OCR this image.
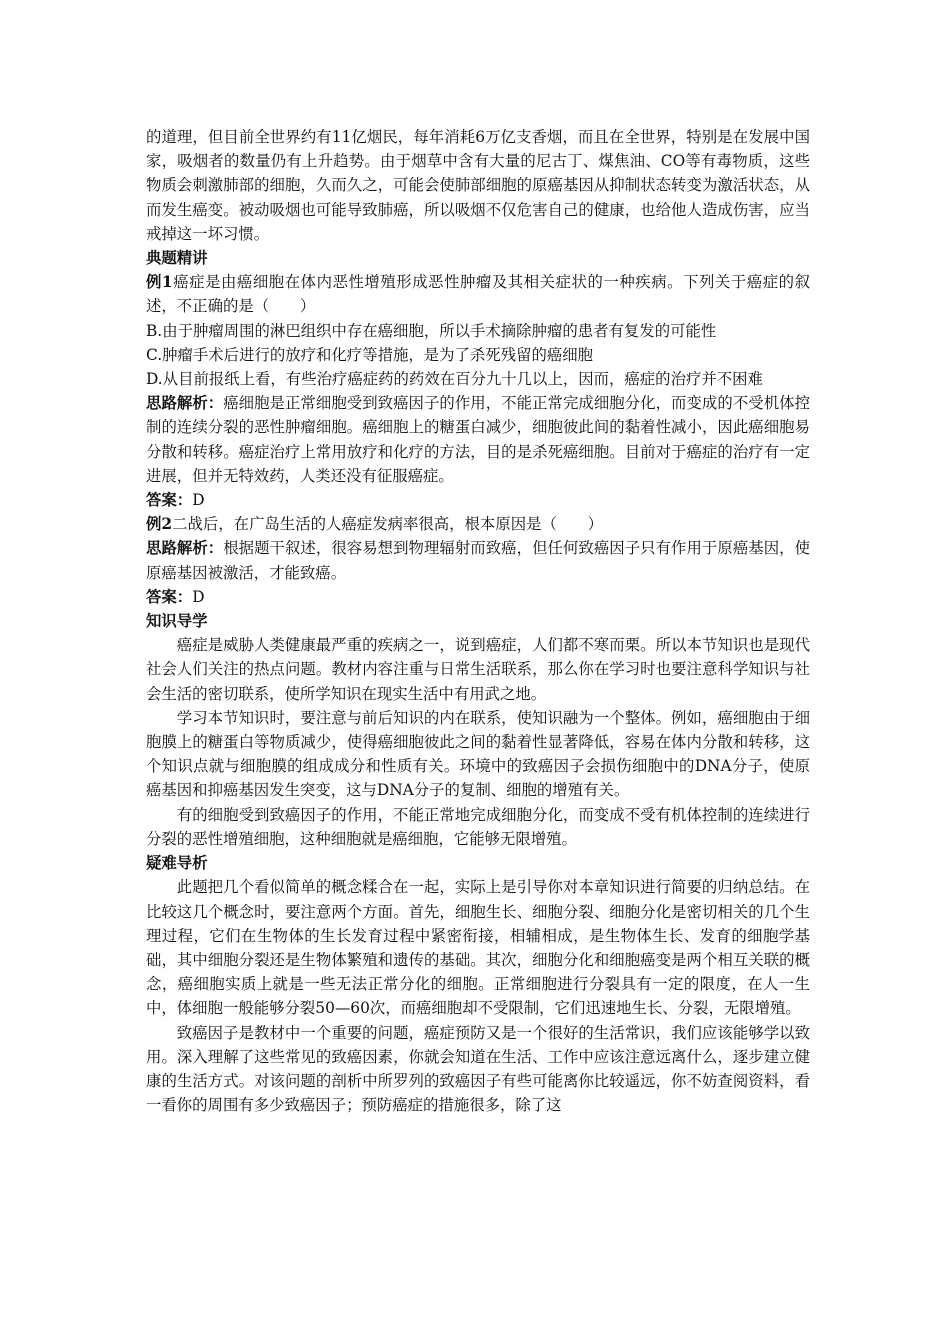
的道理，但目前全世界约有11亿烟民，每年消耗6万亿支香烟，而且在全世界，特别是在发展中国家，吸烟者的数量仍有上升趋势。由于烟草中含有大量的尼古丁、煤焦油、CO等有毒物质，这些物质会刺激肺部的细胞，久而久之，可能会使肺部细胞的原癌基因从抑制状态转变为激活状态，从而发生癌变。被动吸烟也可能导致肺癌，所以吸烟不仅危害自己的健康，也给他人造成伤害，应当戒掉这一坏习惯。

典题精讲

例1癌症是由癌细胞在体内恶性增殖形成恶性肿瘤及其相关症状的一种疾病。下列关于癌症的叙述，不正确的是（　　）

B.由于肿瘤周围的淋巴组织中存在癌细胞，所以手术摘除肿瘤的患者有复发的可能性

C.肿瘤手术后进行的放疗和化疗等措施，是为了杀死残留的癌细胞

D.从目前报纸上看，有些治疗癌症药的药效在百分九十几以上，因而，癌症的治疗并不困难

思路解析：癌细胞是正常细胞受到致癌因子的作用，不能正常完成细胞分化，而变成的不受机体控制的连续分裂的恶性肿瘤细胞。癌细胞上的糖蛋白减少，细胞彼此间的黏着性减小，因此癌细胞易分散和转移。癌症治疗上常用放疗和化疗的方法，目的是杀死癌细胞。目前对于癌症的治疗有一定进展，但并无特效药，人类还没有征服癌症。

答案：D

例2二战后，在广岛生活的人癌症发病率很高，根本原因是（　　）

思路解析：根据题干叙述，很容易想到物理辐射而致癌，但任何致癌因子只有作用于原癌基因，使原癌基因被激活，才能致癌。

答案：D

知识导学

癌症是威胁人类健康最严重的疾病之一，说到癌症，人们都不寒而栗。所以本节知识也是现代社会人们关注的热点问题。教材内容注重与日常生活联系，那么你在学习时也要注意科学知识与社会生活的密切联系，使所学知识在现实生活中有用武之地。

学习本节知识时，要注意与前后知识的内在联系，使知识融为一个整体。例如，癌细胞由于细胞膜上的糖蛋白等物质减少，使得癌细胞彼此之间的黏着性显著降低，容易在体内分散和转移，这个知识点就与细胞膜的组成成分和性质有关。环境中的致癌因子会损伤细胞中的DNA分子，使原癌基因和抑癌基因发生突变，这与DNA分子的复制、细胞的增殖有关。

有的细胞受到致癌因子的作用，不能正常地完成细胞分化，而变成不受有机体控制的连续进行分裂的恶性增殖细胞，这种细胞就是癌细胞，它能够无限增殖。

疑难导析

此题把几个看似简单的概念糅合在一起，实际上是引导你对本章知识进行简要的归纳总结。在比较这几个概念时，要注意两个方面。首先，细胞生长、细胞分裂、细胞分化是密切相关的几个生理过程，它们在生物体的生长发育过程中紧密衔接，相辅相成，是生物体生长、发育的细胞学基础，其中细胞分裂还是生物体繁殖和遗传的基础。其次，细胞分化和细胞癌变是两个相互关联的概念，癌细胞实质上就是一些无法正常分化的细胞。正常细胞进行分裂具有一定的限度，在人一生中，体细胞一般能够分裂50—60次，而癌细胞却不受限制，它们迅速地生长、分裂，无限增殖。

致癌因子是教材中一个重要的问题，癌症预防又是一个很好的生活常识，我们应该能够学以致用。深入理解了这些常见的致癌因素，你就会知道在生活、工作中应该注意远离什么，逐步建立健康的生活方式。对该问题的剖析中所罗列的致癌因子有些可能离你比较遥远，你不妨查阅资料，看一看你的周围有多少致癌因子；预防癌症的措施很多，除了这
